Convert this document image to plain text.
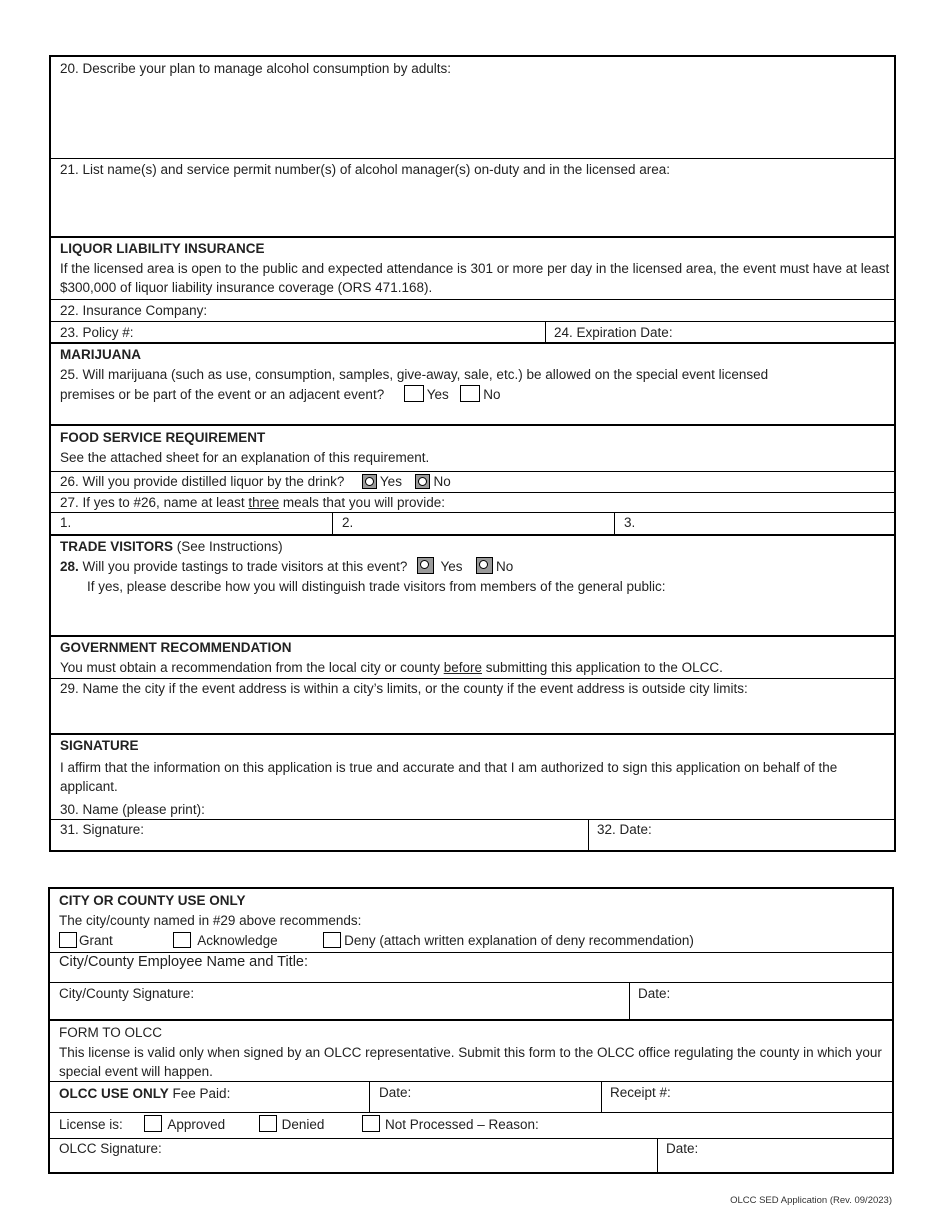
20. Describe your plan to manage alcohol consumption by adults:
21. List name(s) and service permit number(s) of alcohol manager(s) on-duty and in the licensed area:
LIQUOR LIABILITY INSURANCE
If the licensed area is open to the public and expected attendance is 301 or more per day in the licensed area, the event must have at least $300,000 of liquor liability insurance coverage (ORS 471.168).
22. Insurance Company:
23. Policy #:	24. Expiration Date:
MARIJUANA
25. Will marijuana (such as use, consumption, samples, give-away, sale, etc.) be allowed on the special event licensed
premises or be part of the event or an adjacent event?	Yes	No
FOOD SERVICE REQUIREMENT
See the attached sheet for an explanation of this requirement.
26. Will you provide distilled liquor by the drink?	Yes No
27. If yes to #26, name at least three meals that you will provide:
1.	2.	3.
TRADE VISITORS (See Instructions)
28. Will you provide tastings to trade visitors at this event? Yes No
If yes, please describe how you will distinguish trade visitors from members of the general public:
GOVERNMENT RECOMMENDATION
You must obtain a recommendation from the local city or county before submitting this application to the OLCC.
29. Name the city if the event address is within a city’s limits, or the county if the event address is outside city limits:
SIGNATURE
I affirm that the information on this application is true and accurate and that I am authorized to sign this application on behalf of the applicant.
30. Name (please print):
31. Signature:	32. Date:
CITY OR COUNTY USE ONLY
The city/county named in #29 above recommends:
Grant	Acknowledge	Deny (attach written explanation of deny recommendation)
City/County Employee Name and Title:
City/County Signature:	Date:
FORM TO OLCC
This license is valid only when signed by an OLCC representative. Submit this form to the OLCC office regulating the county in which your special event will happen.
OLCC USE ONLY Fee Paid:	Date:	Receipt #:
License is:	Approved	Denied	Not Processed – Reason:
OLCC Signature:	Date:
OLCC SED Application (Rev. 09/2023)
